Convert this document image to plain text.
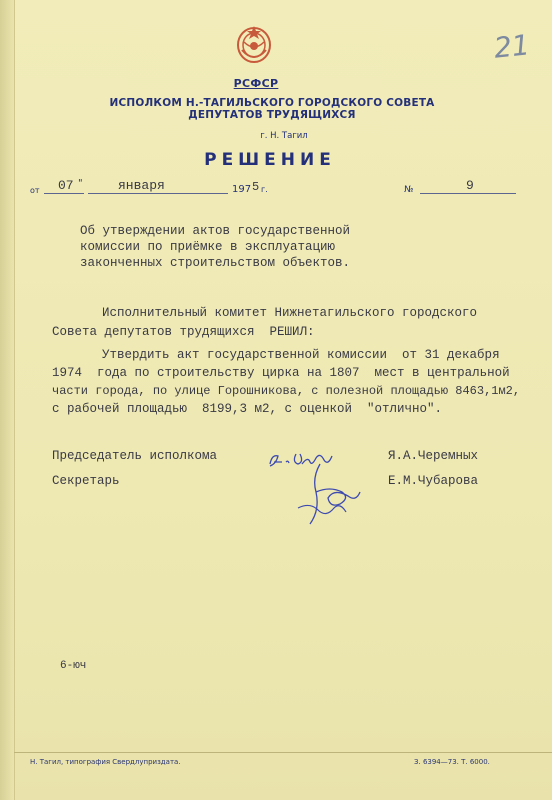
21
РСФСР
ИСПОЛКОМ Н.-ТАГИЛЬСКОГО ГОРОДСКОГО СОВЕТА
ДЕПУТАТОВ ТРУДЯЩИХСЯ
г. Н. Тагил
РЕШЕНИЕ
от 07 "	января	197 5 г.	№	9
Об утверждении актов государственной
комиссии по приёмке в эксплуатацию
законченных строительством объектов.
Исполнительный комитет Нижнетагильского городского
Совета депутатов трудящихся  РЕШИЛ:
Утвердить акт государственной комиссии  от 31 декабря
1974  года по строительству цирка на 1807  мест в центральной
части города, по улице Горошникова, с полезной площадью 8463,1м2,
с рабочей площадью  8199,3 м2, с оценкой  "отлично".
Председатель исполкома	Я.А.Черемных
Секретарь	Е.М.Чубарова
6-юч
Н. Тагил, типография Свердлуприздата.	З. 6394—73. Т. 6000.
